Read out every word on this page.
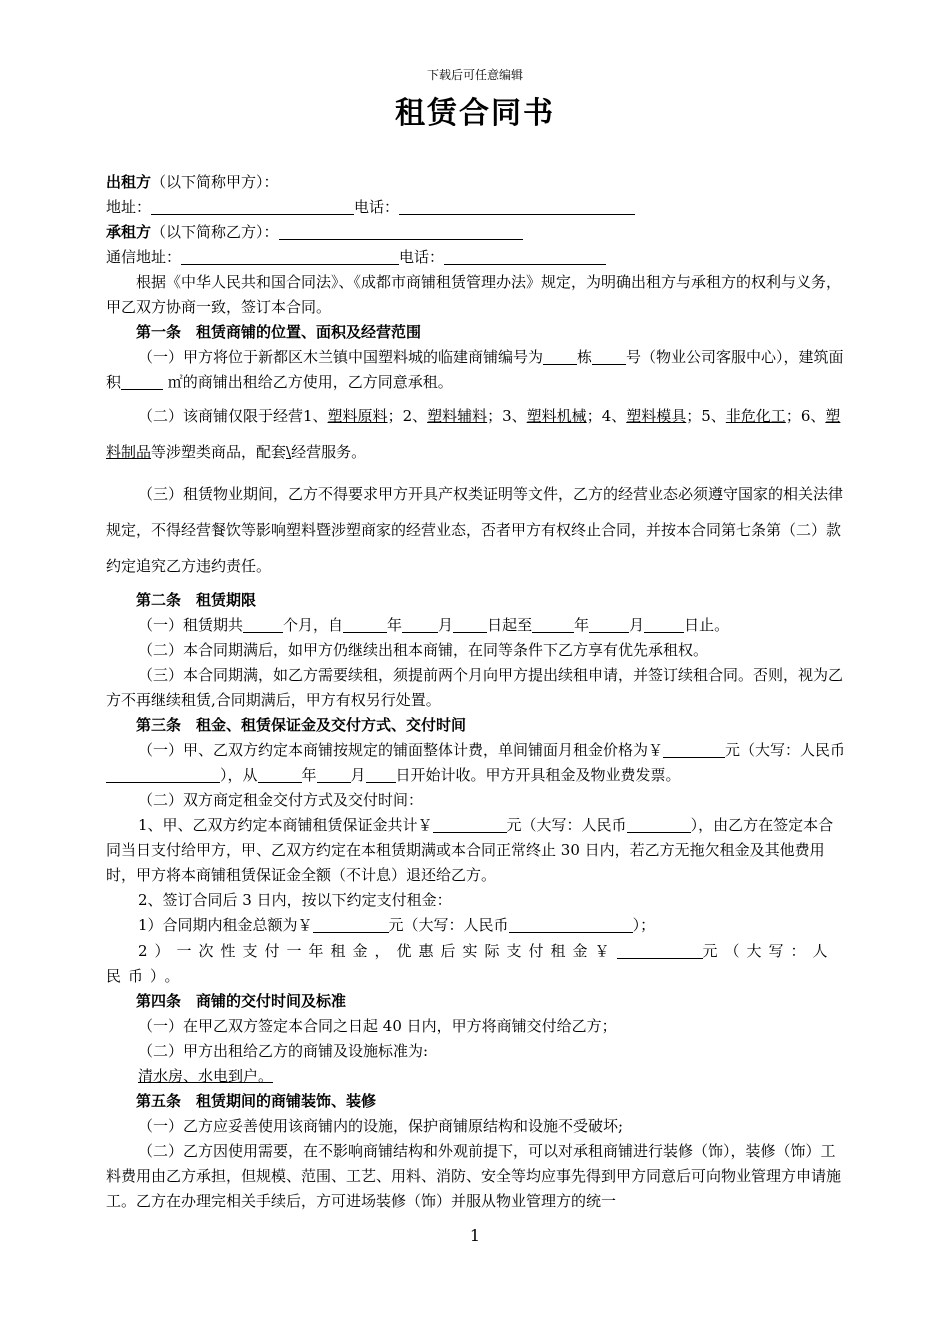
下载后可任意编辑
租赁合同书
出租方（以下简称甲方）：
地址：	电话：
承租方（以下简称乙方）：
通信地址：	电话：

根据《中华人民共和国合同法》、《成都市商铺租赁管理办法》规定，为明确出租方与承租方的权利与义务，甲乙双方协商一致，签订本合同。

第一条　租赁商铺的位置、面积及经营范围

（一）甲方将位于新都区木兰镇中国塑料城的临建商铺编号为 栋 号（物业公司客服中心），建筑面积	㎡的商铺出租给乙方使用，乙方同意承租。

（二）该商铺仅限于经营1、塑料原料；2、塑料辅料；3、塑料机械；4、塑料模具；5、非危化工；6、塑料制品等涉塑类商品，配套\经营服务。

（三）租赁物业期间，乙方不得要求甲方开具产权类证明等文件，乙方的经营业态必须遵守国家的相关法律规定，不得经营餐饮等影响塑料暨涉塑商家的经营业态，否者甲方有权终止合同，并按本合同第七条第（二）款约定追究乙方违约责任。

第二条　租赁期限
（一）租赁期共	个月，自	年 月 日起至	年	月	日止。

（二）本合同期满后，如甲方仍继续出租本商铺，在同等条件下乙方享有优先承租权。

（三）本合同期满，如乙方需要续租，须提前两个月向甲方提出续租申请，并签订续租合同。否则，视为乙方不再继续租赁,合同期满后，甲方有权另行处置。

第三条　租金、租赁保证金及交付方式、交付时间

（一）甲、乙双方约定本商铺按规定的铺面整体计费，单间铺面月租金价格为￥	元（大写：人民币），从	年 月 日开始计收。甲方开具租金及物业费发票。

（二）双方商定租金交付方式及交付时间：

1、甲、乙双方约定本商铺租赁保证金共计￥	元（大写：人民币	），由乙方在签定本合同当日支付给甲方，甲、乙双方约定在本租赁期满或本合同正常终止 30 日内，若乙方无拖欠租金及其他费用时，甲方将本商铺租赁保证金全额（不计息）退还给乙方。

2、签订合同后 3 日内，按以下约定支付租金：

1）合同期内租金总额为￥	元（大写：人民币	）；

2）一次性支付一年租金，优惠后实际支付租金￥	元（大写：人民币）。

第四条　商铺的交付时间及标准

（一）在甲乙双方签定本合同之日起 40 日内，甲方将商铺交付给乙方；

（二）甲方出租给乙方的商铺及设施标准为:

清水房、水电到户。

第五条　租赁期间的商铺装饰、装修

（一）乙方应妥善使用该商铺内的设施，保护商铺原结构和设施不受破坏;

（二）乙方因使用需要，在不影响商铺结构和外观前提下，可以对承租商铺进行装修（饰），装修（饰）工料费用由乙方承担，但规模、范围、工艺、用料、消防、安全等均应事先得到甲方同意后可向物业管理方申请施工。乙方在办理完相关手续后，方可进场装修（饰）并服从物业管理方的统一

1
